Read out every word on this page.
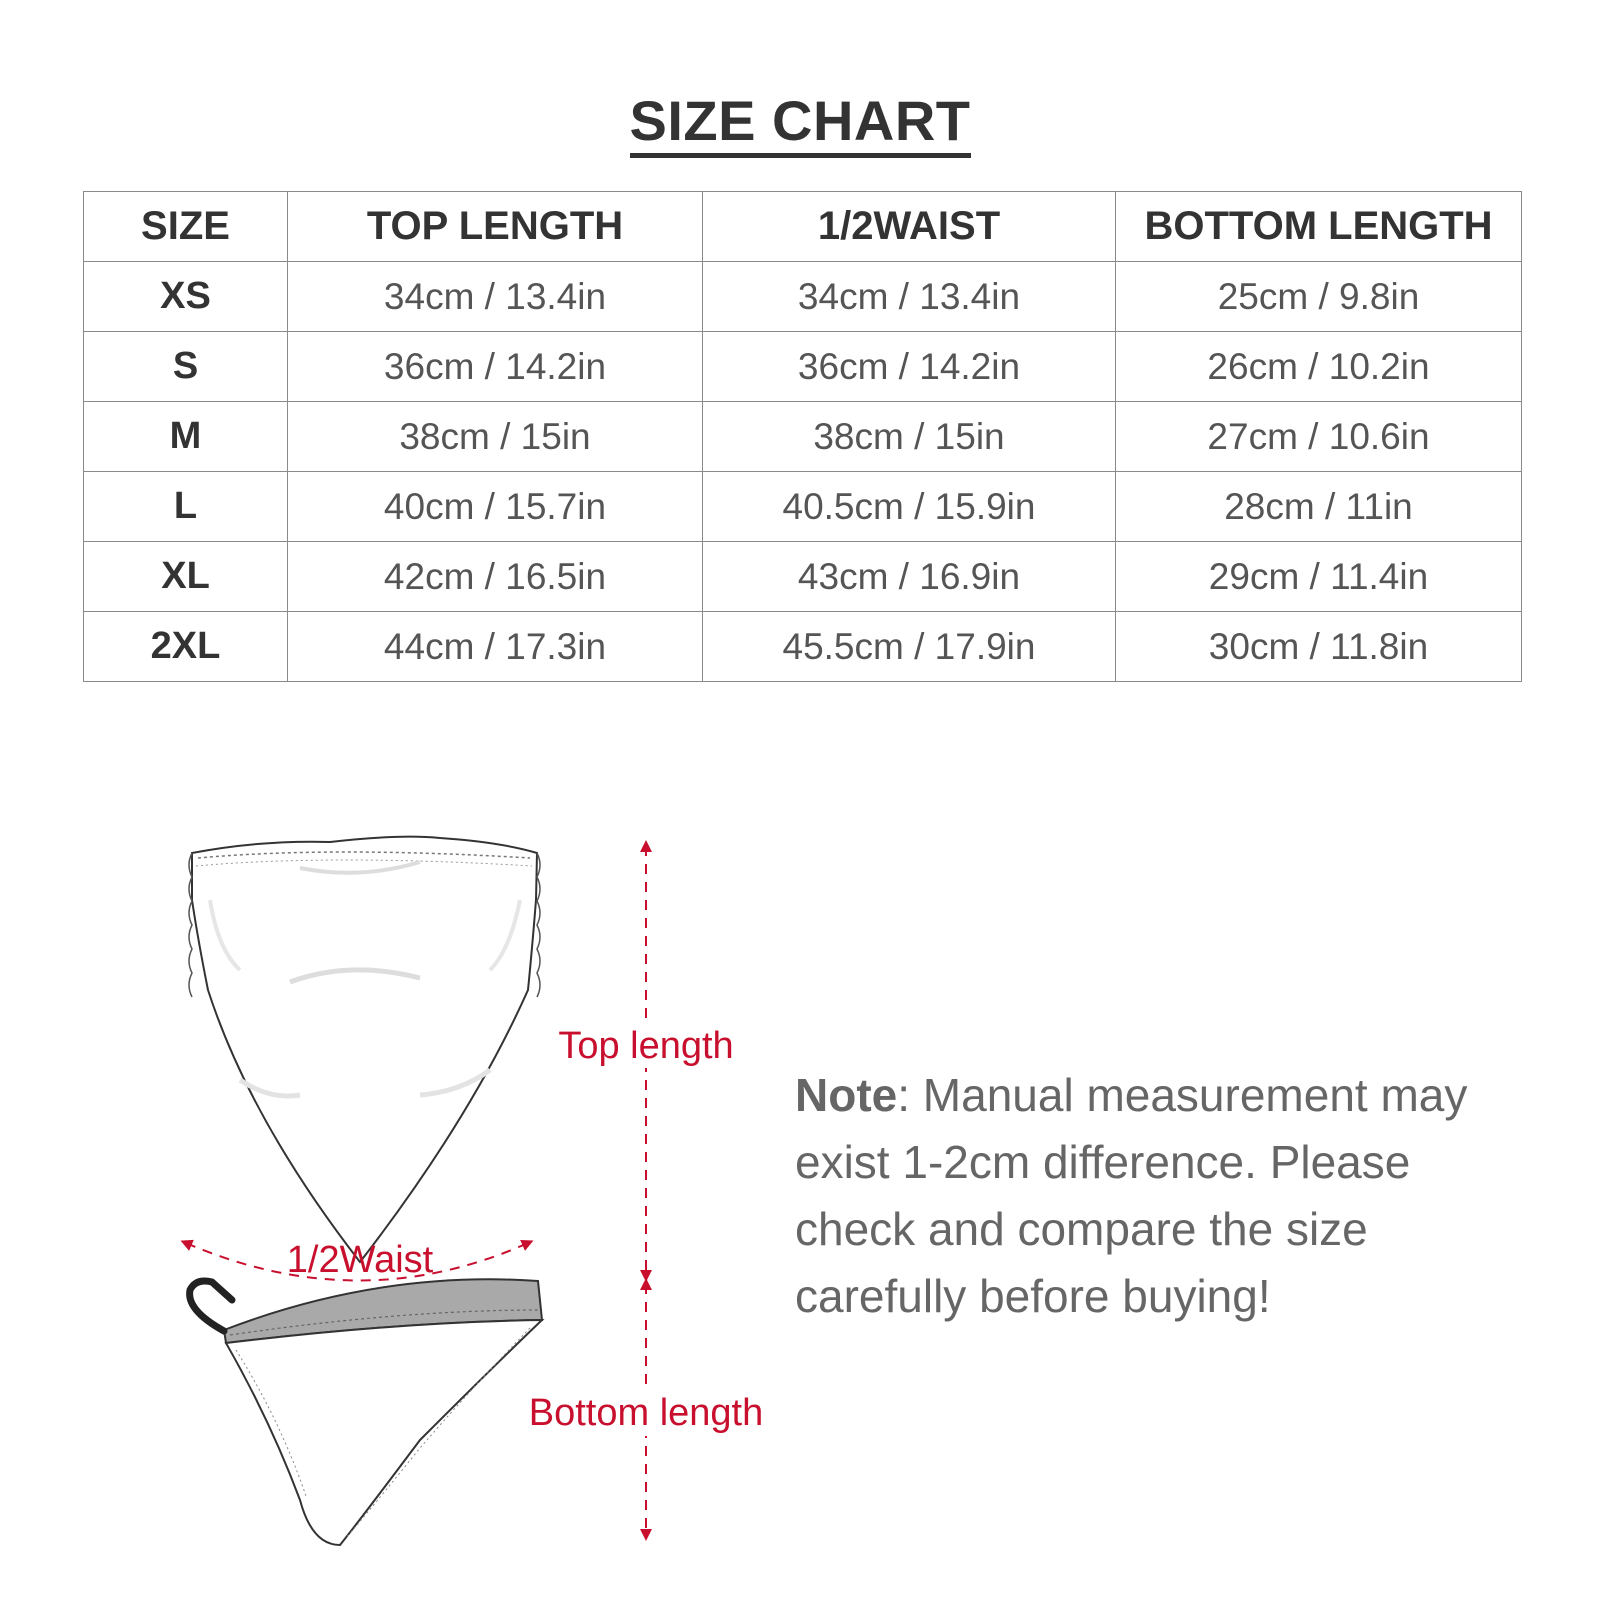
SIZE CHART
SIZE	TOP LENGTH	1/2WAIST	BOTTOM LENGTH
XS	34cm / 13.4in	34cm / 13.4in	25cm / 9.8in
S	36cm / 14.2in	36cm / 14.2in	26cm / 10.2in
M	38cm / 15in	38cm / 15in	27cm / 10.6in
L	40cm / 15.7in	40.5cm / 15.9in	28cm / 11in
XL	42cm / 16.5in	43cm / 16.9in	29cm / 11.4in
2XL	44cm / 17.3in	45.5cm / 17.9in	30cm / 11.8in
Top length
1/2Waist
Bottom length
Note: Manual measurement may exist 1-2cm difference. Please check and compare the size carefully before buying!
